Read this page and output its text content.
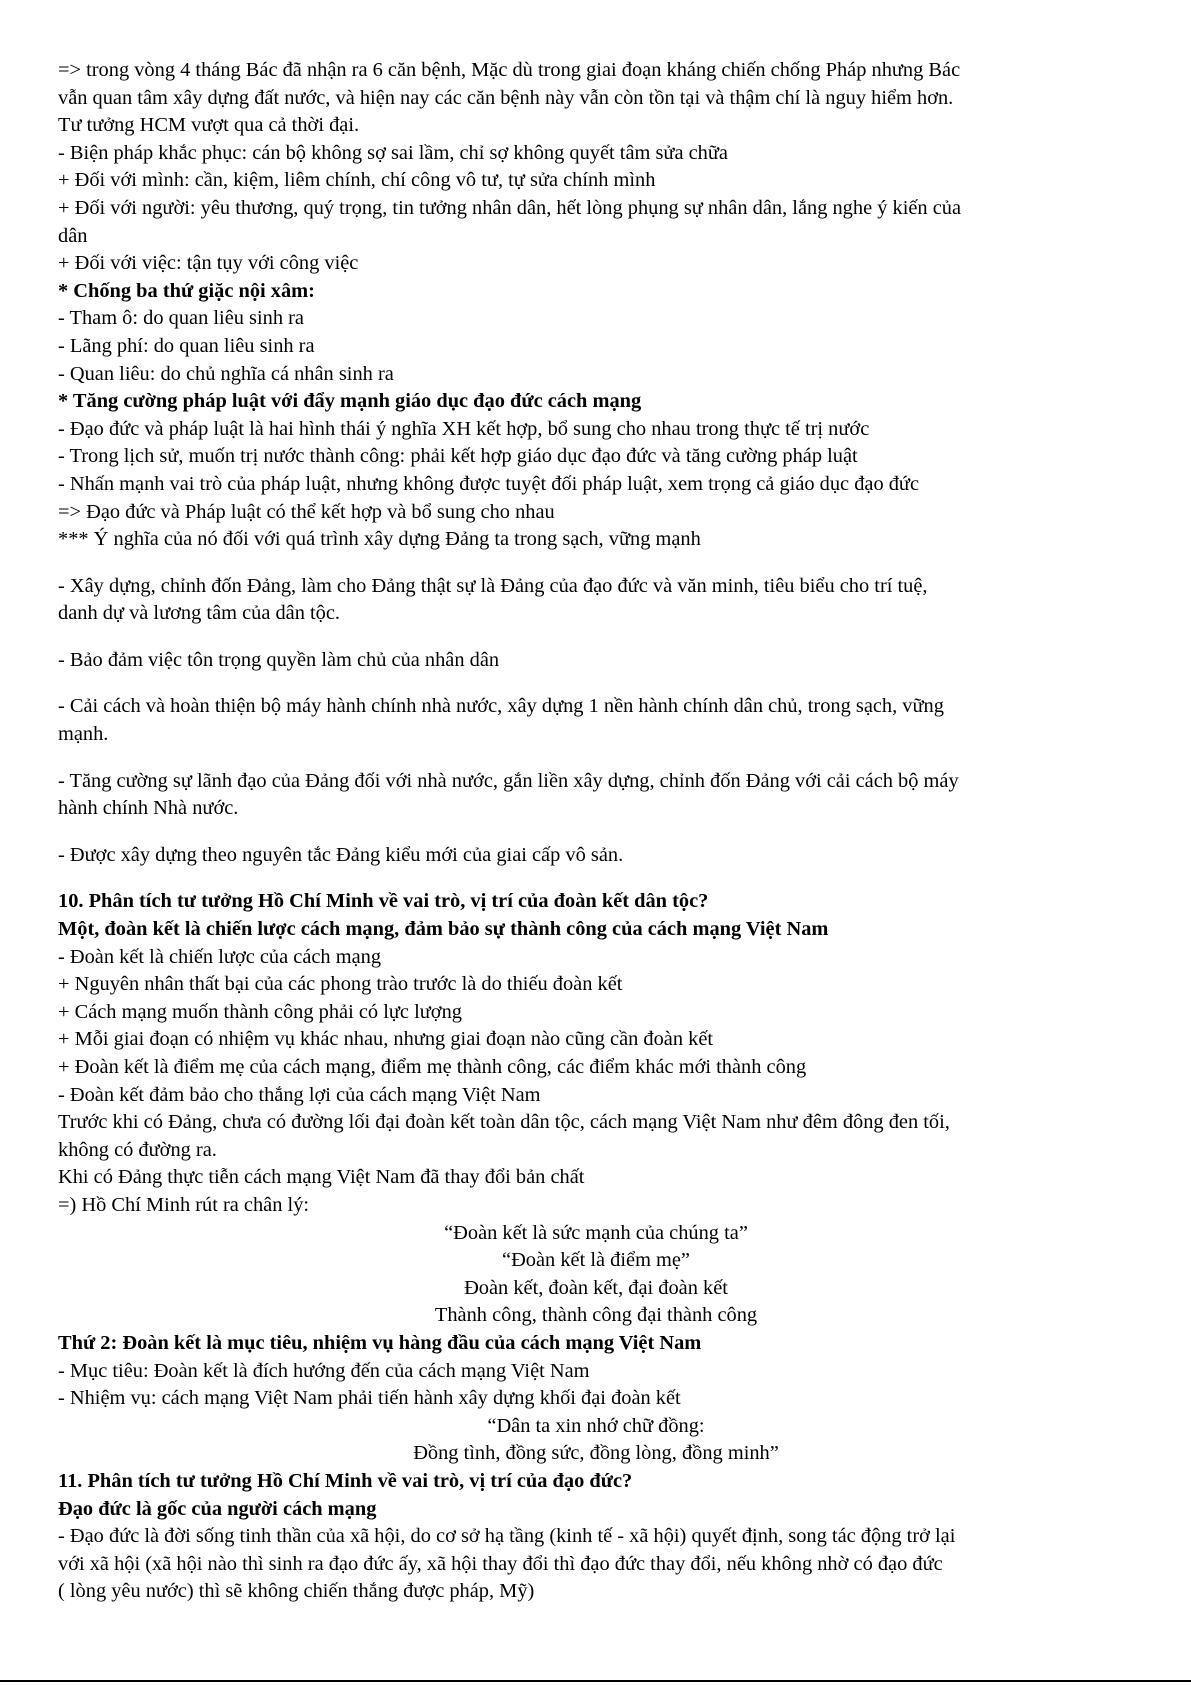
=> trong vòng 4 tháng Bác đã nhận ra 6 căn bệnh, Mặc dù trong giai đoạn kháng chiến chống Pháp nhưng Bác
vẫn quan tâm xây dựng đất nước, và hiện nay các căn bệnh này vẫn còn tồn tại và thậm chí là nguy hiểm hơn.
Tư tưởng HCM vượt qua cả thời đại.
- Biện pháp khắc phục: cán bộ không sợ sai lầm, chỉ sợ không quyết tâm sửa chữa
+ Đối với mình: cần, kiệm, liêm chính, chí công vô tư, tự sửa chính mình
+ Đối với người: yêu thương, quý trọng, tin tưởng nhân dân, hết lòng phụng sự nhân dân, lắng nghe ý kiến của
dân
+ Đối với việc: tận tụy với công việc
* Chống ba thứ giặc nội xâm:
- Tham ô: do quan liêu sinh ra
- Lãng phí: do quan liêu sinh ra
- Quan liêu: do chủ nghĩa cá nhân sinh ra
* Tăng cường pháp luật với đẩy mạnh giáo dục đạo đức cách mạng
- Đạo đức và pháp luật là hai hình thái ý nghĩa XH kết hợp, bổ sung cho nhau trong thực tế trị nước
- Trong lịch sử, muốn trị nước thành công: phải kết hợp giáo dục đạo đức và tăng cường pháp luật
- Nhấn mạnh vai trò của pháp luật, nhưng không được tuyệt đối pháp luật, xem trọng cả giáo dục đạo đức
=> Đạo đức và Pháp luật có thể kết hợp và bổ sung cho nhau
*** Ý nghĩa của nó đối với quá trình xây dựng Đảng ta trong sạch, vững mạnh
- Xây dựng, chỉnh đốn Đảng, làm cho Đảng thật sự là Đảng của đạo đức và văn minh, tiêu biểu cho trí tuệ,
danh dự và lương tâm của dân tộc.
- Bảo đảm việc tôn trọng quyền làm chủ của nhân dân
- Cải cách và hoàn thiện bộ máy hành chính nhà nước, xây dựng 1 nền hành chính dân chủ, trong sạch, vững
mạnh.
- Tăng cường sự lãnh đạo của Đảng đối với nhà nước, gắn liền xây dựng, chỉnh đốn Đảng với cải cách bộ máy
hành chính Nhà nước.
- Được xây dựng theo nguyên tắc Đảng kiểu mới của giai cấp vô sản.
10. Phân tích tư tưởng Hồ Chí Minh về vai trò, vị trí của đoàn kết dân tộc?
Một, đoàn kết là chiến lược cách mạng, đảm bảo sự thành công của cách mạng Việt Nam
- Đoàn kết là chiến lược của cách mạng
+ Nguyên nhân thất bại của các phong trào trước là do thiếu đoàn kết
+ Cách mạng muốn thành công phải có lực lượng
+ Mỗi giai đoạn có nhiệm vụ khác nhau, nhưng giai đoạn nào cũng cần đoàn kết
+ Đoàn kết là điểm mẹ của cách mạng, điểm mẹ thành công, các điểm khác mới thành công
- Đoàn kết đảm bảo cho thắng lợi của cách mạng Việt Nam
Trước khi có Đảng, chưa có đường lối đại đoàn kết toàn dân tộc, cách mạng Việt Nam như đêm đông đen tối,
không có đường ra.
Khi có Đảng thực tiễn cách mạng Việt Nam đã thay đổi bản chất
=) Hồ Chí Minh rút ra chân lý:
“Đoàn kết là sức mạnh của chúng ta”
“Đoàn kết là điểm mẹ”
Đoàn kết, đoàn kết, đại đoàn kết
Thành công, thành công đại thành công
Thứ 2: Đoàn kết là mục tiêu, nhiệm vụ hàng đầu của cách mạng Việt Nam
- Mục tiêu: Đoàn kết là đích hướng đến của cách mạng Việt Nam
- Nhiệm vụ: cách mạng Việt Nam phải tiến hành xây dựng khối đại đoàn kết
“Dân ta xin nhớ chữ đồng:
Đồng tình, đồng sức, đồng lòng, đồng minh”
11. Phân tích tư tưởng Hồ Chí Minh về vai trò, vị trí của đạo đức?
Đạo đức là gốc của người cách mạng
- Đạo đức là đời sống tinh thần của xã hội, do cơ sở hạ tầng (kinh tế - xã hội) quyết định, song tác động trở lại
với xã hội (xã hội nào thì sinh ra đạo đức ấy, xã hội thay đổi thì đạo đức thay đổi, nếu không nhờ có đạo đức
( lòng yêu nước) thì sẽ không chiến thắng được pháp, Mỹ)
